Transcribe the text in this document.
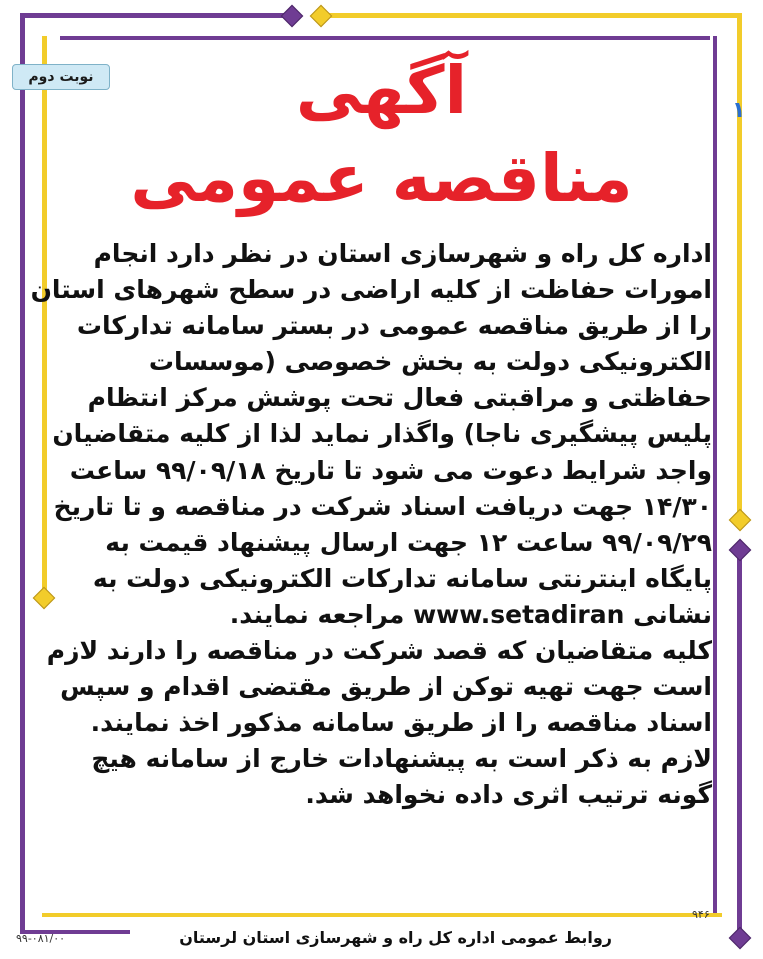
نوبت دوم
۱
آگهی
مناقصه عمومی
اداره کل راه و شهرسازی استان در نظر دارد انجام
امورات حفاظت از کلیه اراضی در سطح شهرهای استان
را از طریق مناقصه عمومی در بستر سامانه تدارکات
الکترونیکی دولت به بخش خصوصی (موسسات
حفاظتی و مراقبتی فعال تحت پوشش مرکز انتظام
پلیس پیشگیری ناجا) واگذار نماید لذا از کلیه متقاضیان
واجد شرایط دعوت می شود تا تاریخ ۹۹/۰۹/۱۸ ساعت
۱۴/۳۰ جهت دریافت اسناد شرکت در مناقصه و تا تاریخ
۹۹/۰۹/۲۹ ساعت ۱۲ جهت ارسال پیشنهاد قیمت به
پایگاه اینترنتی سامانه تدارکات الکترونیکی دولت به
نشانی www.setadiran مراجعه نمایند.
کلیه متقاضیان که قصد شرکت در مناقصه را دارند لازم
است جهت تهیه توکن از طریق مقتضی اقدام و سپس
اسناد مناقصه را از طریق سامانه مذکور اخذ نمایند.
لازم به ذکر است به پیشنهادات خارج از سامانه هیچ
گونه ترتیب اثری داده نخواهد شد.
۹۴۶
روابط عمومی اداره کل راه و شهرسازی استان لرستان
۹۹-۰۸۱/۰۰
